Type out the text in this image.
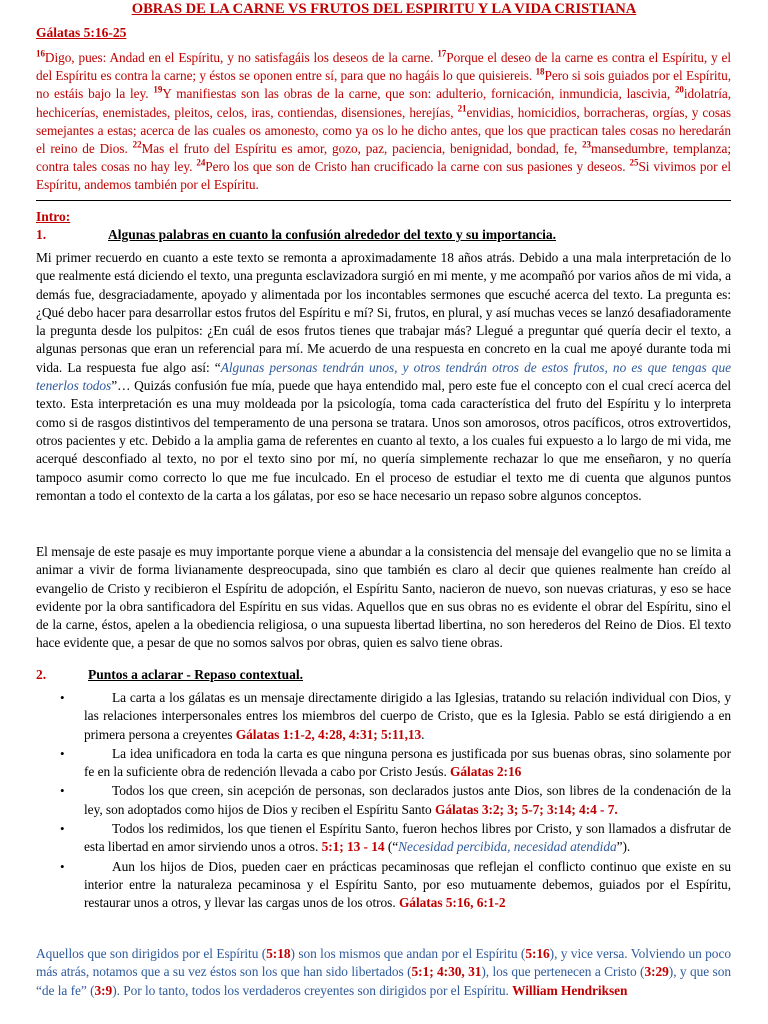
OBRAS DE LA CARNE VS FRUTOS DEL ESPIRITU Y LA VIDA CRISTIANA
Gálatas 5:16-25

$^{16}$Digo, pues: Andad en el Espíritu, y no satisfagáis los deseos de la carne. $^{17}$Porque el deseo de la carne es contra el Espíritu, y el del Espíritu es contra la carne; y éstos se oponen entre sí, para que no hagáis lo que quisiereis. $^{18}$Pero si sois guiados por el Espíritu, no estáis bajo la ley. $^{19}$Y manifiestas son las obras de la carne, que son: adulterio, fornicación, inmundicia, lascivia, $^{20}$idolatría, hechicerías, enemistades, pleitos, celos, iras, contiendas, disensiones, herejías, $^{21}$envidias, homicidios, borracheras, orgías, y cosas semejantes a estas; acerca de las cuales os amonesto, como ya os lo he dicho antes, que los que practican tales cosas no heredarán el reino de Dios. $^{22}$Mas el fruto del Espíritu es amor, gozo, paz, paciencia, benignidad, bondad, fe, $^{23}$mansedumbre, templanza; contra tales cosas no hay ley. $^{24}$Pero los que son de Cristo han crucificado la carne con sus pasiones y deseos. $^{25}$Si vivimos por el Espíritu, andemos también por el Espíritu.

Intro:
1.	Algunas palabras en cuanto la confusión alrededor del texto y su importancia.

Mi primer recuerdo en cuanto a este texto se remonta a aproximadamente 18 años atrás. Debido a una mala interpretación de lo que realmente está diciendo el texto, una pregunta esclavizadora surgió en mi mente, y me acompañó por varios años de mi vida, a demás fue, desgraciadamente, apoyado y alimentada por los incontables sermones que escuché acerca del texto. La pregunta es: ¿Qué debo hacer para desarrollar estos frutos del Espíritu e mí? Si, frutos, en plural, y así muchas veces se lanzó desafiadoramente la pregunta desde los pulpitos: ¿En cuál de esos frutos tienes que trabajar más? Llegué a preguntar qué quería decir el texto, a algunas personas que eran un referencial para mí. Me acuerdo de una respuesta en concreto en la cual me apoyé durante toda mi vida. La respuesta fue algo así: “Algunas personas tendrán unos, y otros tendrán otros de estos frutos, no es que tengas que tenerlos todos”… Quizás confusión fue mía, puede que haya entendido mal, pero este fue el concepto con el cual crecí acerca del texto. Esta interpretación es una muy moldeada por la psicología, toma cada característica del fruto del Espíritu y lo interpreta como si de rasgos distintivos del temperamento de una persona se tratara. Unos son amorosos, otros pacíficos, otros extrovertidos, otros pacientes y etc. Debido a la amplia gama de referentes en cuanto al texto, a los cuales fui expuesto a lo largo de mi vida, me acerqué desconfiado al texto, no por el texto sino por mí, no quería simplemente rechazar lo que me enseñaron, y no quería tampoco asumir como correcto lo que me fue inculcado. En el proceso de estudiar el texto me di cuenta que algunos puntos remontan a todo el contexto de la carta a los gálatas, por eso se hace necesario un repaso sobre algunos conceptos.

El mensaje de este pasaje es muy importante porque viene a abundar a la consistencia del mensaje del evangelio que no se limita a animar a vivir de forma livianamente despreocupada, sino que también es claro al decir que quienes realmente han creído al evangelio de Cristo y recibieron el Espíritu de adopción, el Espíritu Santo, nacieron de nuevo, son nuevas criaturas, y eso se hace evidente por la obra santificadora del Espíritu en sus vidas. Aquellos que en sus obras no es evidente el obrar del Espíritu, sino el de la carne, éstos, apelen a la obediencia religiosa, o una supuesta libertad libertina, no son herederos del Reino de Dios. El texto hace evidente que, a pesar de que no somos salvos por obras, quien es salvo tiene obras.

2.	Puntos a aclarar - Repaso contextual.
•	La carta a los gálatas es un mensaje directamente dirigido a las Iglesias, tratando su relación individual con Dios, y las relaciones interpersonales entres los miembros del cuerpo de Cristo, que es la Iglesia. Pablo se está dirigiendo a en primera persona a creyentes Gálatas 1:1-2, 4:28, 4:31; 5:11,13.
•	La idea unificadora en toda la carta es que ninguna persona es justificada por sus buenas obras, sino solamente por fe en la suficiente obra de redención llevada a cabo por Cristo Jesús. Gálatas 2:16
•	Todos los que creen, sin acepción de personas, son declarados justos ante Dios, son libres de la condenación de la ley, son adoptados como hijos de Dios y reciben el Espíritu Santo Gálatas 3:2; 3; 5-7; 3:14; 4:4 - 7.
•	Todos los redimidos, los que tienen el Espíritu Santo, fueron hechos libres por Cristo, y son llamados a disfrutar de esta libertad en amor sirviendo unos a otros. 5:1; 13 - 14 (“Necesidad percibida, necesidad atendida”).
•	Aun los hijos de Dios, pueden caer en prácticas pecaminosas que reflejan el conflicto continuo que existe en su interior entre la naturaleza pecaminosa y el Espíritu Santo, por eso mutuamente debemos, guiados por el Espíritu, restaurar unos a otros, y llevar las cargas unos de los otros. Gálatas 5:16, 6:1-2

Aquellos que son dirigidos por el Espíritu (5:18) son los mismos que andan por el Espíritu (5:16), y vice versa. Volviendo un poco más atrás, notamos que a su vez éstos son los que han sido libertados (5:1; 4:30, 31), los que pertenecen a Cristo (3:29), y que son “de la fe” (3:9). Por lo tanto, todos los verdaderos creyentes son dirigidos por el Espíritu. William Hendriksen
